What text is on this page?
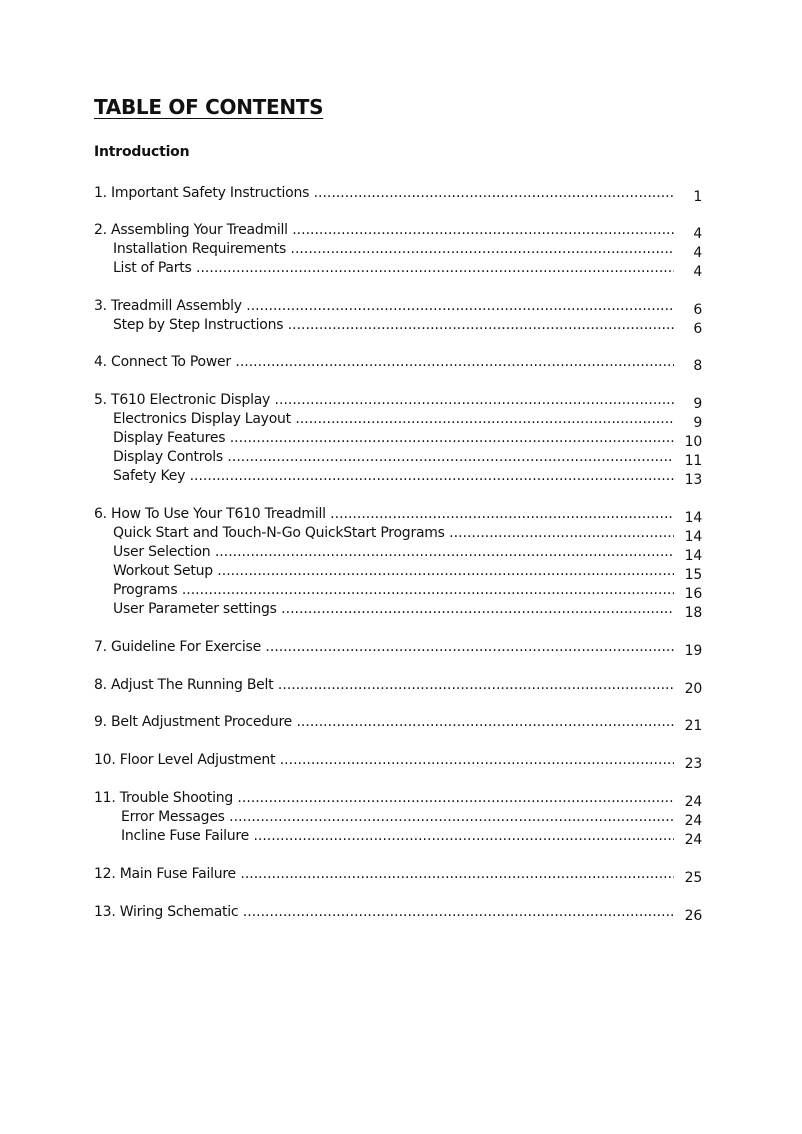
TABLE OF CONTENTS
Introduction
1. Important Safety Instructions .....	1
2. Assembling Your Treadmill .....	4
Installation Requirements .....	4
List of Parts .....	4
3. Treadmill Assembly .....	6
Step by Step Instructions .....	6
4. Connect To Power .....	8
5. T610 Electronic Display .....	9
Electronics Display Layout .....	9
Display Features .....	10
Display Controls .....	11
Safety Key .....	13
6. How To Use Your T610 Treadmill .....	14
Quick Start and Touch-N-Go QuickStart Programs .....	14
User Selection .....	14
Workout Setup .....	15
Programs .....	16
User Parameter settings .....	18
7. Guideline For Exercise .....	19
8. Adjust The Running Belt .....	20
9. Belt Adjustment Procedure .....	21
10. Floor Level Adjustment .....	23
11. Trouble Shooting .....	24
Error Messages .....	24
Incline Fuse Failure .....	24
12. Main Fuse Failure .....	25
13. Wiring Schematic .....	26
